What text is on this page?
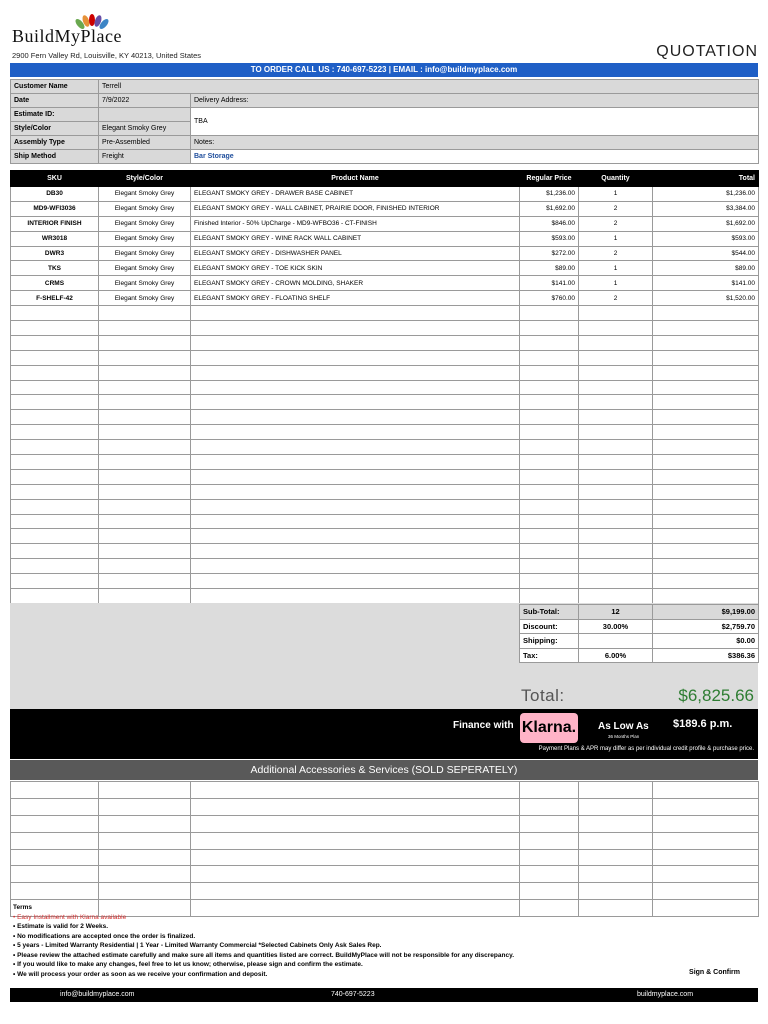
BuildMyPlace
2900 Fern Valley Rd, Louisville, KY 40213, United States	QUOTATION
TO ORDER CALL US : 740-697-5223 | EMAIL : info@buildmyplace.com
Customer Name	Terrell	
Date	7/9/2022	Delivery Address:
Estimate ID:		TBA
Style/Color	Elegant Smoky Grey	
Assembly Type	Pre-Assembled	Notes:
Ship Method	Freight	Bar Storage
SKU	Style/Color	Product Name	Regular Price	Quantity	Total
DB30	Elegant Smoky Grey	ELEGANT SMOKY GREY - DRAWER BASE CABINET	$1,236.00	1	$1,236.00
MD9-WFI3036	Elegant Smoky Grey	ELEGANT SMOKY GREY - WALL CABINET, PRAIRIE DOOR, FINISHED INTERIOR	$1,692.00	2	$3,384.00
INTERIOR FINISH	Elegant Smoky Grey	Finished Interior - 50% UpCharge - MD9-WFBO36 - CT-FINISH	$846.00	2	$1,692.00
WR3018	Elegant Smoky Grey	ELEGANT SMOKY GREY - WINE RACK WALL CABINET	$593.00	1	$593.00
DWR3	Elegant Smoky Grey	ELEGANT SMOKY GREY - DISHWASHER PANEL	$272.00	2	$544.00
TKS	Elegant Smoky Grey	ELEGANT SMOKY GREY - TOE KICK SKIN	$89.00	1	$89.00
CRMS	Elegant Smoky Grey	ELEGANT SMOKY GREY - CROWN MOLDING, SHAKER	$141.00	1	$141.00
F-SHELF-42	Elegant Smoky Grey	ELEGANT SMOKY GREY - FLOATING SHELF	$760.00	2	$1,520.00

Sub-Total:	12	$9,199.00
Discount:	30.00%	$2,759.70
Shipping:		$0.00
Tax:	6.00%	$386.36
Total:	$6,825.66
Finance with Klarna. As Low As
36 Months Plan
$189.6 p.m.
Payment Plans & APR may differ as per individual credit profile & purchase price.
Additional Accessories & Services (SOLD SEPERATELY)

Terms
• Easy Installment with Klarna available
• Estimate is valid for 2 Weeks.
• No modifications are accepted once the order is finalized.
• 5 years - Limited Warranty Residential | 1 Year - Limited Warranty Commercial *Selected Cabinets Only Ask Sales Rep.
• Please review the attached estimate carefully and make sure all items and quantities listed are correct. BuildMyPlace will not be responsible for any discrepancy.
• If you would like to make any changes, feel free to let us know; otherwise, please sign and confirm the estimate.
• We will process your order as soon as we receive your confirmation and deposit.	Sign & Confirm
info@buildmyplace.com	740-697-5223	buildmyplace.com
